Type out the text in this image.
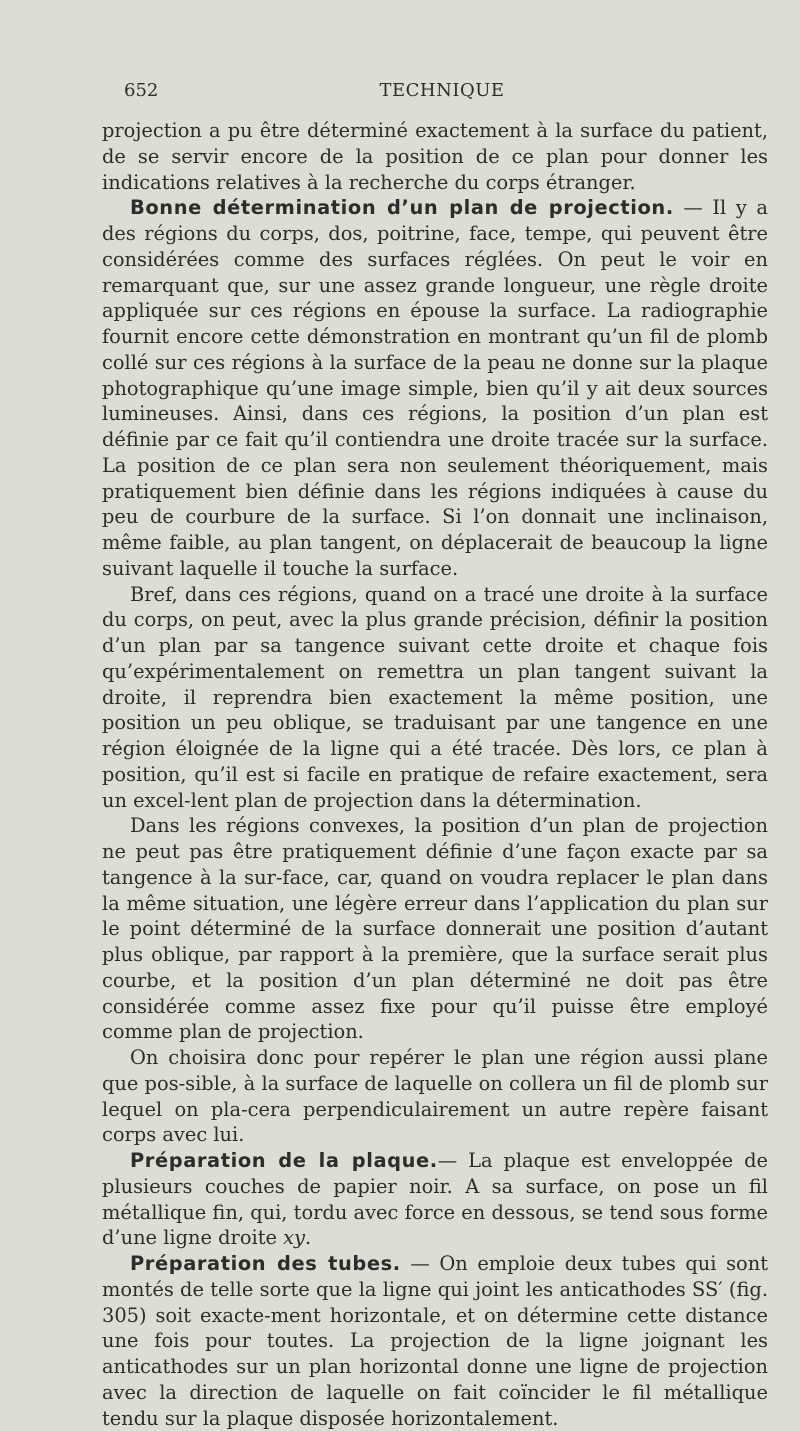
652	TECHNIQUE

projection a pu être déterminé exactement à la surface du patient, de se servir encore de la position de ce plan pour donner les indications relatives à la recherche du corps étranger.

Bonne détermination d’un plan de projection. — Il y a des régions du corps, dos, poitrine, face, tempe, qui peuvent être considérées comme des surfaces réglées. On peut le voir en remarquant que, sur une assez grande longueur, une règle droite appliquée sur ces régions en épouse la surface. La radiographie fournit encore cette démonstration en montrant qu’un fil de plomb collé sur ces régions à la surface de la peau ne donne sur la plaque photographique qu’une image simple, bien qu’il y ait deux sources lumineuses. Ainsi, dans ces régions, la position d’un plan est définie par ce fait qu’il contiendra une droite tracée sur la surface. La position de ce plan sera non seulement théoriquement, mais pratiquement bien définie dans les régions indiquées à cause du peu de courbure de la surface. Si l’on donnait une inclinaison, même faible, au plan tangent, on déplacerait de beaucoup la ligne suivant laquelle il touche la surface.

Bref, dans ces régions, quand on a tracé une droite à la surface du corps, on peut, avec la plus grande précision, définir la position d’un plan par sa tangence suivant cette droite et chaque fois qu’expérimentalement on remettra un plan tangent suivant la droite, il reprendra bien exactement la même position, une position un peu oblique, se traduisant par une tangence en une région éloignée de la ligne qui a été tracée. Dès lors, ce plan à position, qu’il est si facile en pratique de refaire exactement, sera un excel-lent plan de projection dans la détermination.

Dans les régions convexes, la position d’un plan de projection ne peut pas être pratiquement définie d’une façon exacte par sa tangence à la sur-face, car, quand on voudra replacer le plan dans la même situation, une légère erreur dans l’application du plan sur le point déterminé de la surface donnerait une position d’autant plus oblique, par rapport à la première, que la surface serait plus courbe, et la position d’un plan déterminé ne doit pas être considérée comme assez fixe pour qu’il puisse être employé comme plan de projection.

On choisira donc pour repérer le plan une région aussi plane que pos-sible, à la surface de laquelle on collera un fil de plomb sur lequel on pla-cera perpendiculairement un autre repère faisant corps avec lui.

Préparation de la plaque.— La plaque est enveloppée de plusieurs couches de papier noir. A sa surface, on pose un fil métallique fin, qui, tordu avec force en dessous, se tend sous forme d’une ligne droite xy.

Préparation des tubes. — On emploie deux tubes qui sont montés de telle sorte que la ligne qui joint les anticathodes SS′ (fig. 305) soit exacte-ment horizontale, et on détermine cette distance une fois pour toutes. La projection de la ligne joignant les anticathodes sur un plan horizontal donne une ligne de projection avec la direction de laquelle on fait coïncider le fil métallique tendu sur la plaque disposée horizontalement.
